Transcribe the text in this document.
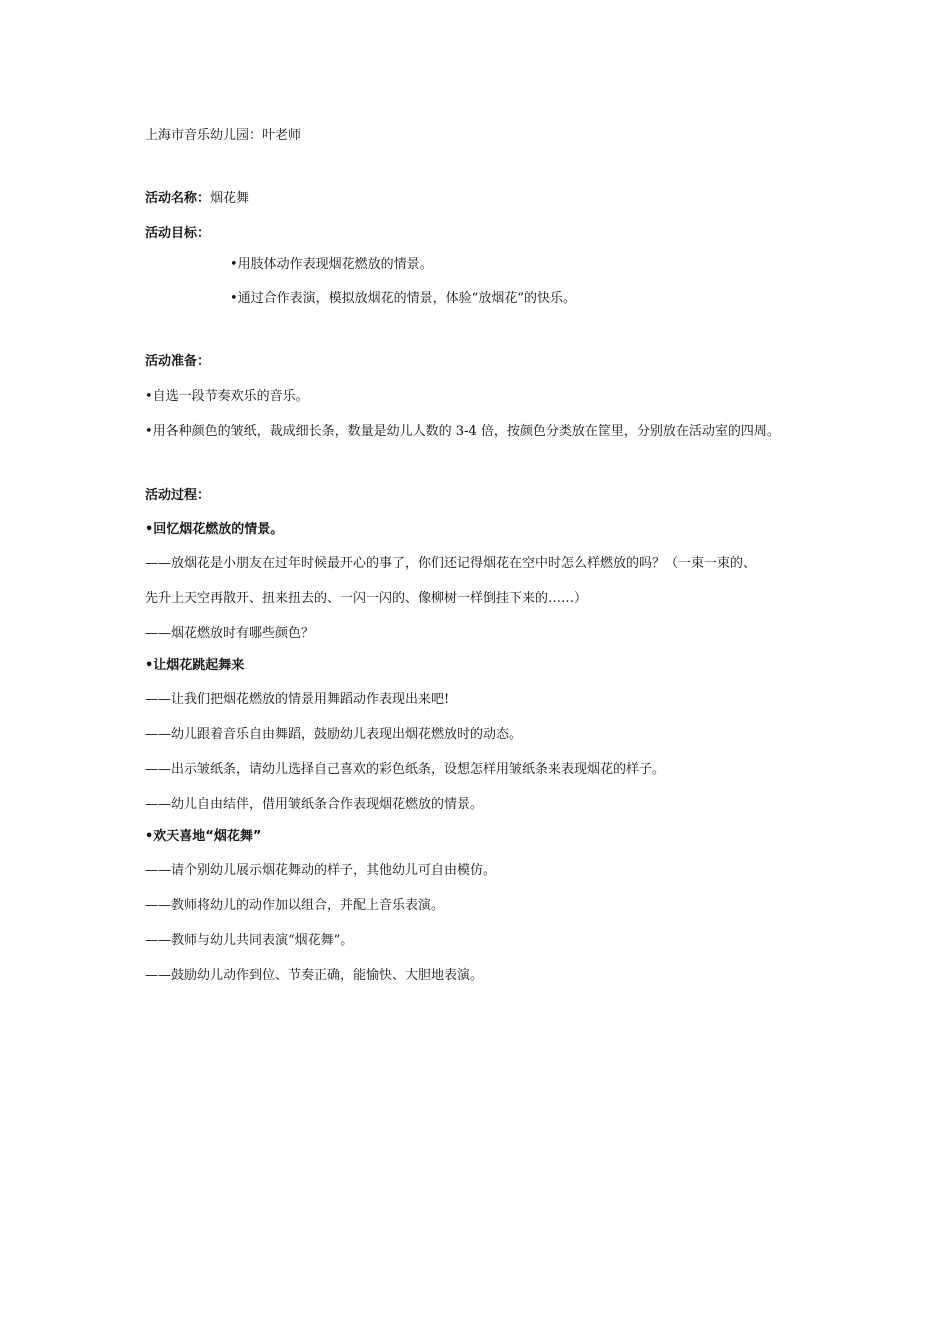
上海市音乐幼儿园：叶老师
活动名称：烟花舞
活动目标：
•用肢体动作表现烟花燃放的情景。
•通过合作表演，模拟放烟花的情景，体验“放烟花”的快乐。
活动准备：
•自选一段节奏欢乐的音乐。
•用各种颜色的皱纸，裁成细长条，数量是幼儿人数的 3-4 倍，按颜色分类放在筐里，分别放在活动室的四周。
活动过程：
•回忆烟花燃放的情景。
——放烟花是小朋友在过年时候最开心的事了，你们还记得烟花在空中时怎么样燃放的吗？（一束一束的、
先升上天空再散开、扭来扭去的、一闪一闪的、像柳树一样倒挂下来的……）
——烟花燃放时有哪些颜色？
•让烟花跳起舞来
——让我们把烟花燃放的情景用舞蹈动作表现出来吧!
——幼儿跟着音乐自由舞蹈，鼓励幼儿表现出烟花燃放时的动态。
——出示皱纸条，请幼儿选择自己喜欢的彩色纸条，设想怎样用皱纸条来表现烟花的样子。
——幼儿自由结伴，借用皱纸条合作表现烟花燃放的情景。
•欢天喜地“烟花舞”
——请个别幼儿展示烟花舞动的样子，其他幼儿可自由模仿。
——教师将幼儿的动作加以组合，并配上音乐表演。
——教师与幼儿共同表演“烟花舞”。
——鼓励幼儿动作到位、节奏正确，能愉快、大胆地表演。
